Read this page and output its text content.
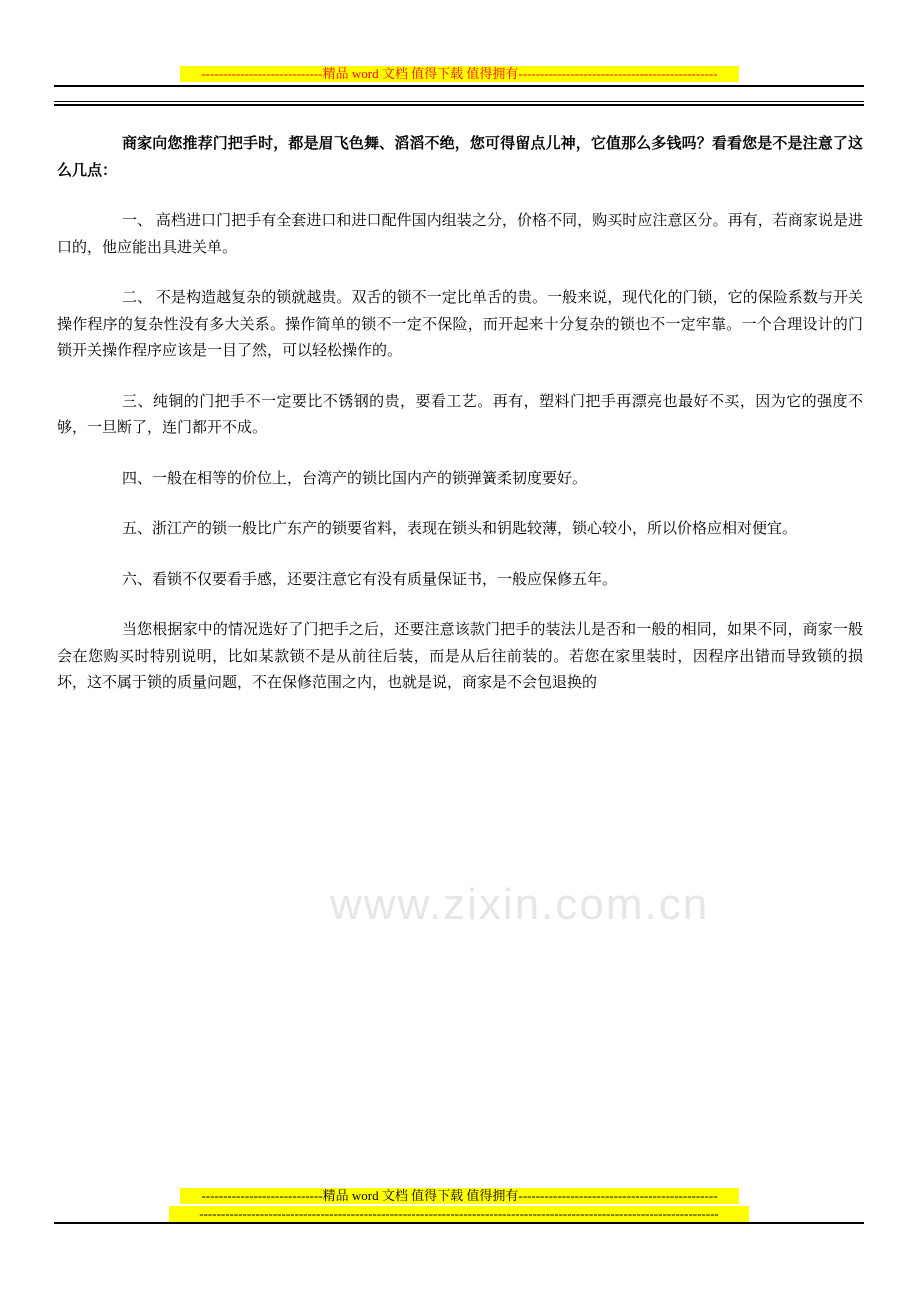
----------------------------精品 word 文档 值得下载 值得拥有----------------------------------------------
www.zixin.com.cn

商家向您推荐门把手时，都是眉飞色舞、滔滔不绝，您可得留点儿神，它值那么多钱吗？看看您是不是注意了这么几点：

一、 高档进口门把手有全套进口和进口配件国内组装之分，价格不同，购买时应注意区分。再有，若商家说是进口的，他应能出具进关单。

二、 不是构造越复杂的锁就越贵。双舌的锁不一定比单舌的贵。一般来说，现代化的门锁，它的保险系数与开关操作程序的复杂性没有多大关系。操作简单的锁不一定不保险，而开起来十分复杂的锁也不一定牢靠。一个合理设计的门锁开关操作程序应该是一目了然，可以轻松操作的。

三、纯铜的门把手不一定要比不锈钢的贵，要看工艺。再有，塑料门把手再漂亮也最好不买，因为它的强度不够，一旦断了，连门都开不成。

四、一般在相等的价位上，台湾产的锁比国内产的锁弹簧柔韧度要好。

五、浙江产的锁一般比广东产的锁要省料，表现在锁头和钥匙较薄，锁心较小，所以价格应相对便宜。

六、看锁不仅要看手感，还要注意它有没有质量保证书，一般应保修五年。

当您根据家中的情况选好了门把手之后，还要注意该款门把手的装法儿是否和一般的相同，如果不同，商家一般会在您购买时特别说明，比如某款锁不是从前往后装，而是从后往前装的。若您在家里装时，因程序出错而导致锁的损坏，这不属于锁的质量问题，不在保修范围之内，也就是说，商家是不会包退换的

----------------------------精品 word 文档 值得下载 值得拥有----------------------------------------------
------------------------------------------------------------------------------------------------------------------------
